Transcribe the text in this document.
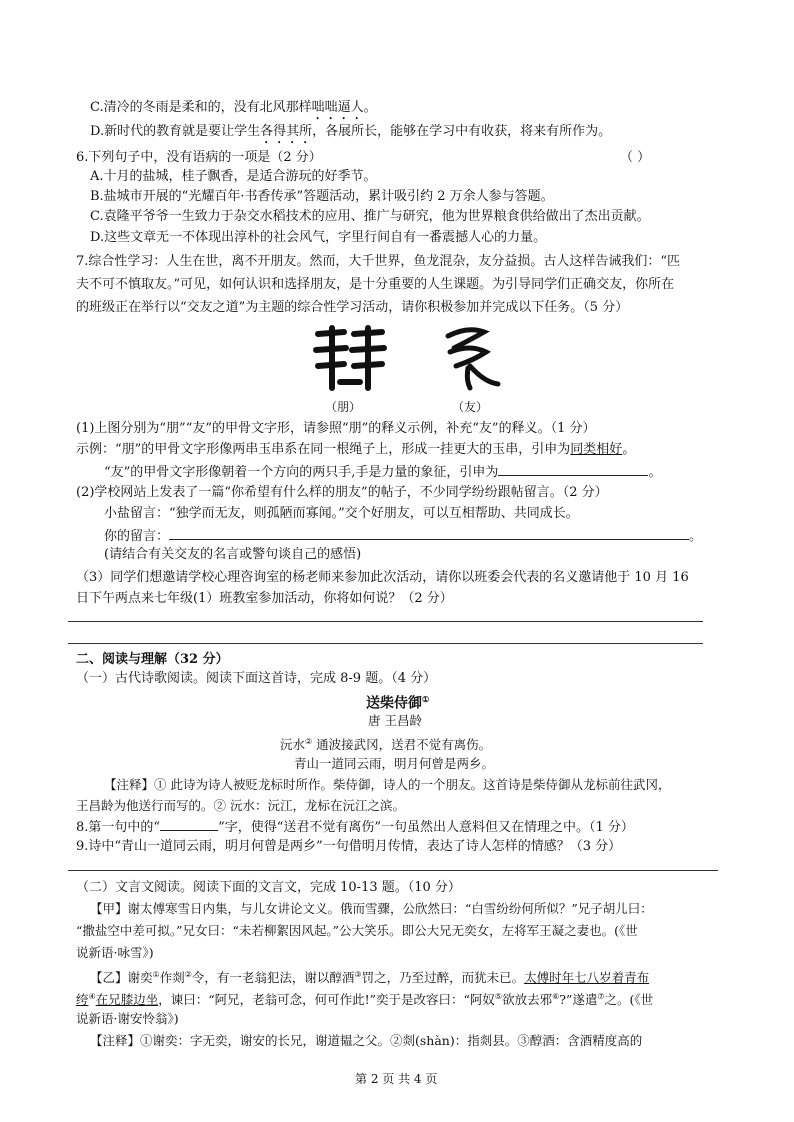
C.清冷的冬雨是柔和的，没有北风那样咄咄逼人。
D.新时代的教育就是要让学生各得其所，各展所长，能够在学习中有收获，将来有所作为。
6.下列句子中，没有语病的一项是（2 分）	（ ）
A.十月的盐城，桂子飘香，是适合游玩的好季节。
B.盐城市开展的“光耀百年·书香传承”答题活动，累计吸引约 2 万余人参与答题。
C.袁隆平爷爷一生致力于杂交水稻技术的应用、推广与研究，他为世界粮食供给做出了杰出贡献。
D.这些文章无一不体现出淳朴的社会风气，字里行间自有一番震撼人心的力量。
7.综合性学习：人生在世，离不开朋友。然而，大千世界，鱼龙混杂，友分益损。古人这样告诫我们：“匹
夫不可不慎取友。”可见，如何认识和选择朋友，是十分重要的人生课题。为引导同学们正确交友，你所在
的班级正在举行以“交友之道”为主题的综合性学习活动，请你积极参加并完成以下任务。（5 分）
（朋）	（友）
(1)上图分别为“朋”“友”的甲骨文字形，请参照“朋”的释义示例，补充“友”的释义。（1 分）
示例：“朋”的甲骨文字形像两串玉串系在同一根绳子上，形成一挂更大的玉串，引申为同类相好。
“友”的甲骨文字形像朝着一个方向的两只手,手是力量的象征，引申为	。
(2)学校网站上发表了一篇“你希望有什么样的朋友”的帖子，不少同学纷纷跟帖留言。（2 分）
小盐留言：“独学而无友，则孤陋而寡闻。”交个好朋友，可以互相帮助、共同成长。
你的留言：	。
(请结合有关交友的名言或警句谈自己的感悟)
（3）同学们想邀请学校心理咨询室的杨老师来参加此次活动，请你以班委会代表的名义邀请他于 10 月 16
日下午两点来七年级(1）班教室参加活动，你将如何说？（2 分）
二、阅读与理解（32 分）
（一）古代诗歌阅读。阅读下面这首诗，完成 8-9 题。（4 分）
送柴侍御①
唐 王昌龄
沅水② 通波接武冈，送君不觉有离伤。
青山一道同云雨，明月何曾是两乡。
【注释】① 此诗为诗人被贬龙标时所作。柴侍御，诗人的一个朋友。这首诗是柴侍御从龙标前往武冈，
王昌龄为他送行而写的。② 沅水：沅江，龙标在沅江之滨。
8.第一句中的“	”字，使得“送君不觉有离伤”一句虽然出人意料但又在情理之中。（1 分）
9.诗中“青山一道同云雨，明月何曾是两乡”一句借明月传情，表达了诗人怎样的情感？（3 分）
（二）文言文阅读。阅读下面的文言文，完成 10-13 题。（10 分）
【甲】谢太傅寒雪日内集，与儿女讲论文义。俄而雪骤，公欣然曰：“白雪纷纷何所似？”兄子胡儿曰：
“撒盐空中差可拟。”兄女曰：“未若柳絮因风起。”公大笑乐。即公大兄无奕女，左将军王凝之妻也。(《世
说新语·咏雪》)
【乙】谢奕①作剡②令，有一老翁犯法，谢以醇酒③罚之，乃至过醉，而犹未已。太傅时年七八岁着青布
绔④在兄膝边坐，谏曰：“阿兄，老翁可念，何可作此!”奕于是改容曰：“阿奴⑤欲放去邪⑥?”遂遣⑦之。(《世
说新语·谢安怜翁》)
【注释】①谢奕：字无奕，谢安的长兄，谢道韫之父。②剡(shàn)：指剡县。③醇酒：含酒精度高的
第 2 页 共 4 页
